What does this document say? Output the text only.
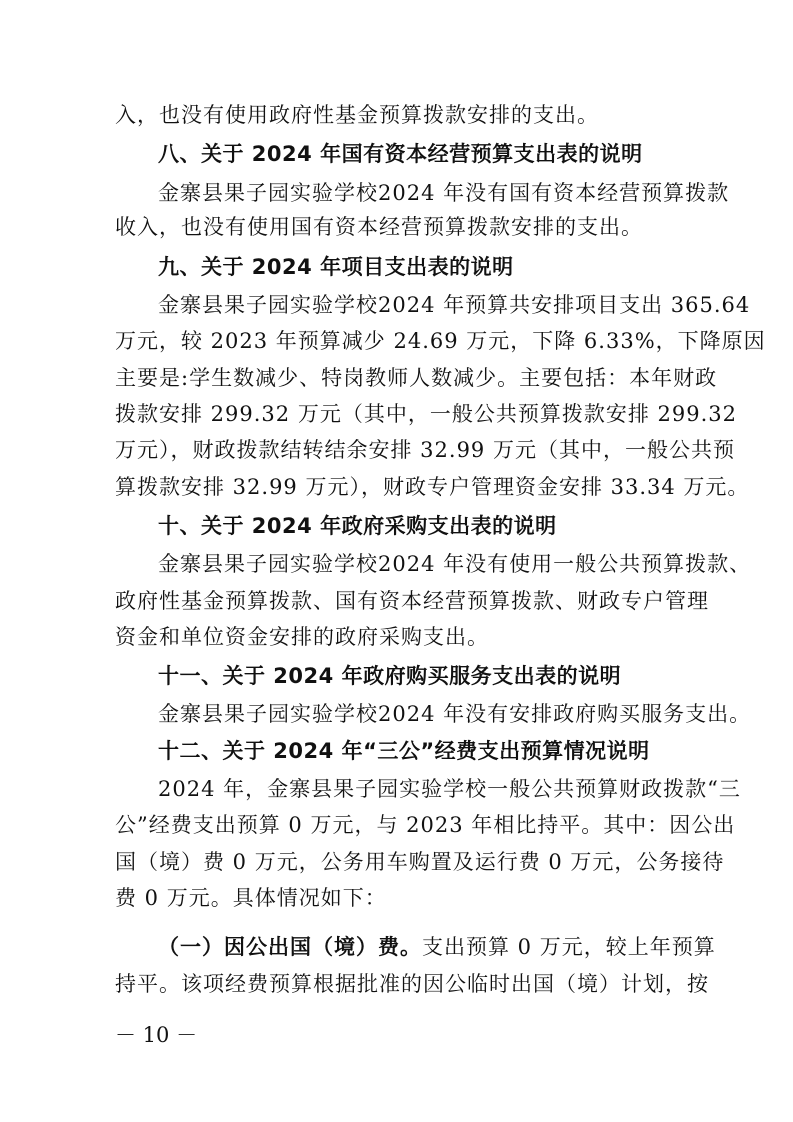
入，也没有使用政府性基金预算拨款安排的支出。
八、关于 2024 年国有资本经营预算支出表的说明
金寨县果子园实验学校2024 年没有国有资本经营预算拨款
收入，也没有使用国有资本经营预算拨款安排的支出。
九、关于 2024 年项目支出表的说明
金寨县果子园实验学校2024 年预算共安排项目支出 365.64
万元，较 2023 年预算减少 24.69 万元，下降 6.33%，下降原因
主要是:学生数减少、特岗教师人数减少。主要包括：本年财政
拨款安排 299.32 万元（其中，一般公共预算拨款安排 299.32
万元），财政拨款结转结余安排 32.99 万元（其中，一般公共预
算拨款安排 32.99 万元），财政专户管理资金安排 33.34 万元。
十、关于 2024 年政府采购支出表的说明
金寨县果子园实验学校2024 年没有使用一般公共预算拨款、
政府性基金预算拨款、国有资本经营预算拨款、财政专户管理
资金和单位资金安排的政府采购支出。
十一、关于 2024 年政府购买服务支出表的说明
金寨县果子园实验学校2024 年没有安排政府购买服务支出。
十二、关于 2024 年“三公”经费支出预算情况说明
2024 年，金寨县果子园实验学校一般公共预算财政拨款“三
公”经费支出预算 0 万元，与 2023 年相比持平。其中：因公出
国（境）费 0 万元，公务用车购置及运行费 0 万元，公务接待
费 0 万元。具体情况如下：
（一）因公出国（境）费。支出预算 0 万元，较上年预算
持平。该项经费预算根据批准的因公临时出国（境）计划，按
－ 10 －
